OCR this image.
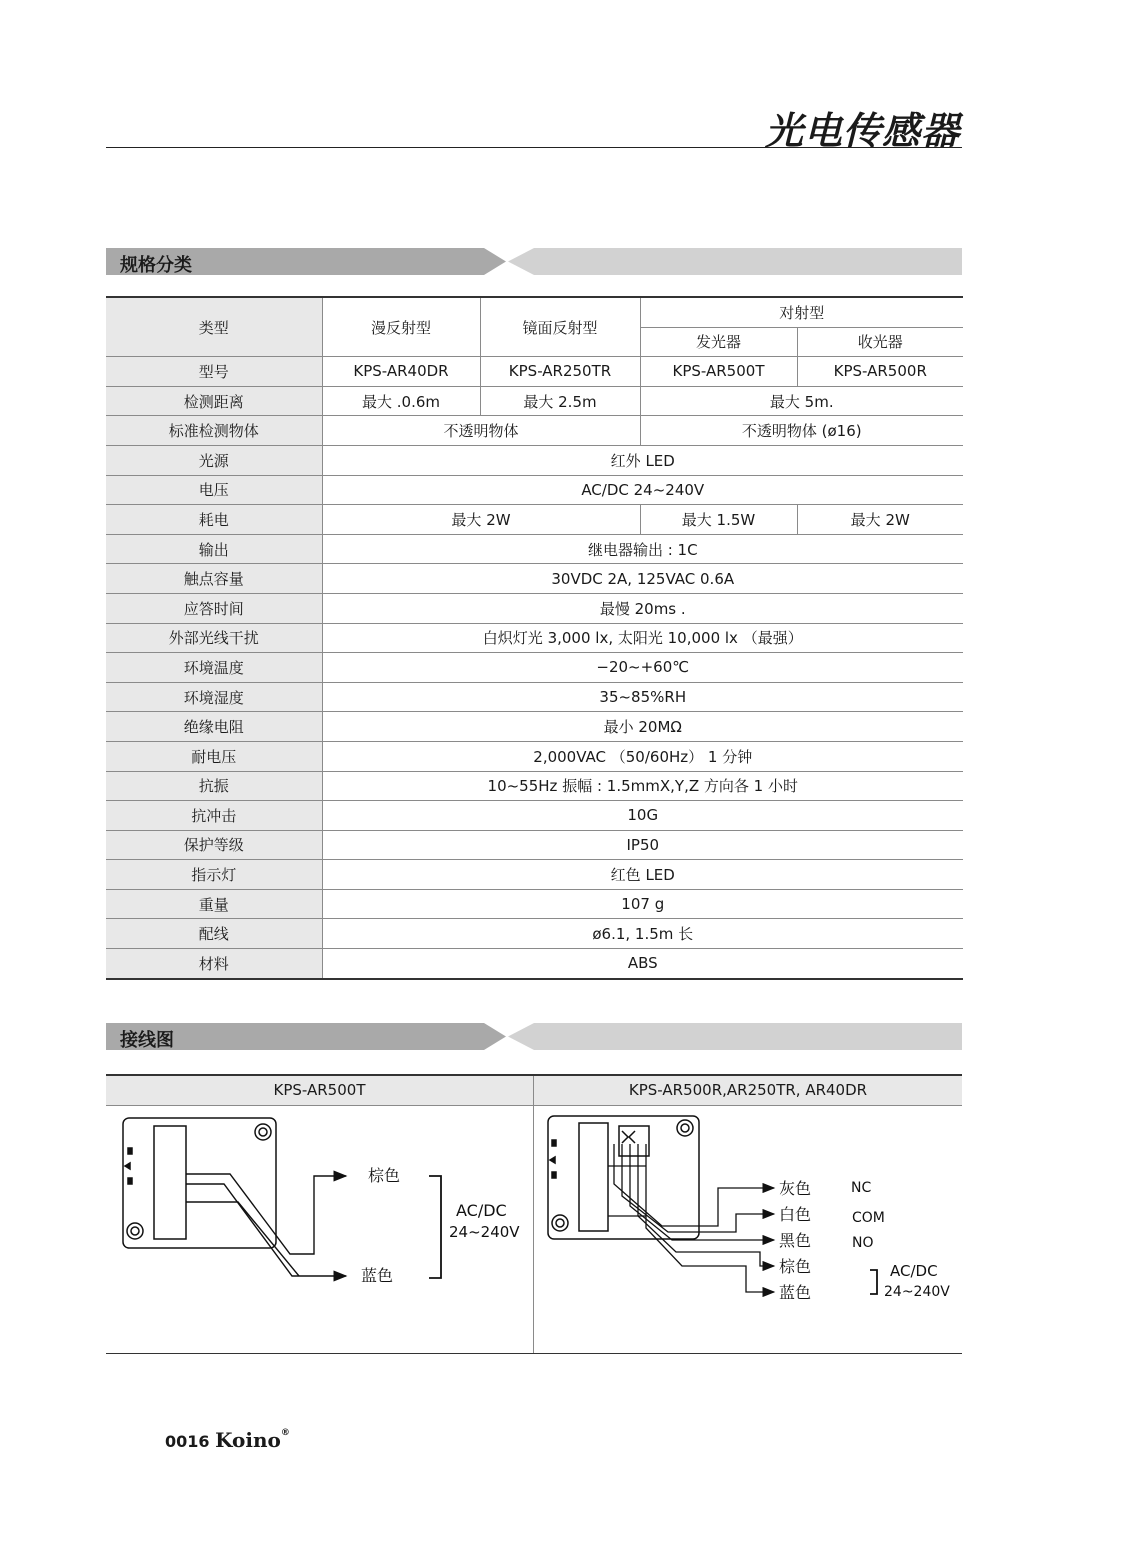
光电传感器
规格分类
类型	漫反射型	镜面反射型	对射型	
			发光器	收光器
型号	KPS-AR40DR	KPS-AR250TR	KPS-AR500T	KPS-AR500R
检测距离	最大 .0.6m	最大 2.5m	最大 5m.	
标准检测物体	不透明物体		不透明物体 (ø16)	
光源	红外 LED			
电压	AC/DC 24~240V			
耗电	最大 2W		最大 1.5W	最大 2W
输出	继电器输出 : 1C			
触点容量	30VDC 2A, 125VAC 0.6A			
应答时间	最慢 20ms .			
外部光线干扰	白炽灯光 3,000 lx, 太阳光 10,000 lx （最强）			
环境温度	−20~+60℃			
环境湿度	35~85%RH			
绝缘电阻	最小 20MΩ			
耐电压	2,000VAC （50/60Hz） 1 分钟			
抗振	10~55Hz 振幅 : 1.5mmX,Y,Z 方向各 1 小时			
抗冲击	10G			
保护等级	IP50			
指示灯	红色 LED			
重量	107 g			
配线	ø6.1, 1.5m 长			
材料	ABS			
接线图
KPS-AR500T	KPS-AR500R,AR250TR, AR40DR
棕色
蓝色
AC/DC
24~240V
灰色
白色
黑色
棕色
蓝色
NC
COM
NO
AC/DC
24~240V
0016 Koino®
